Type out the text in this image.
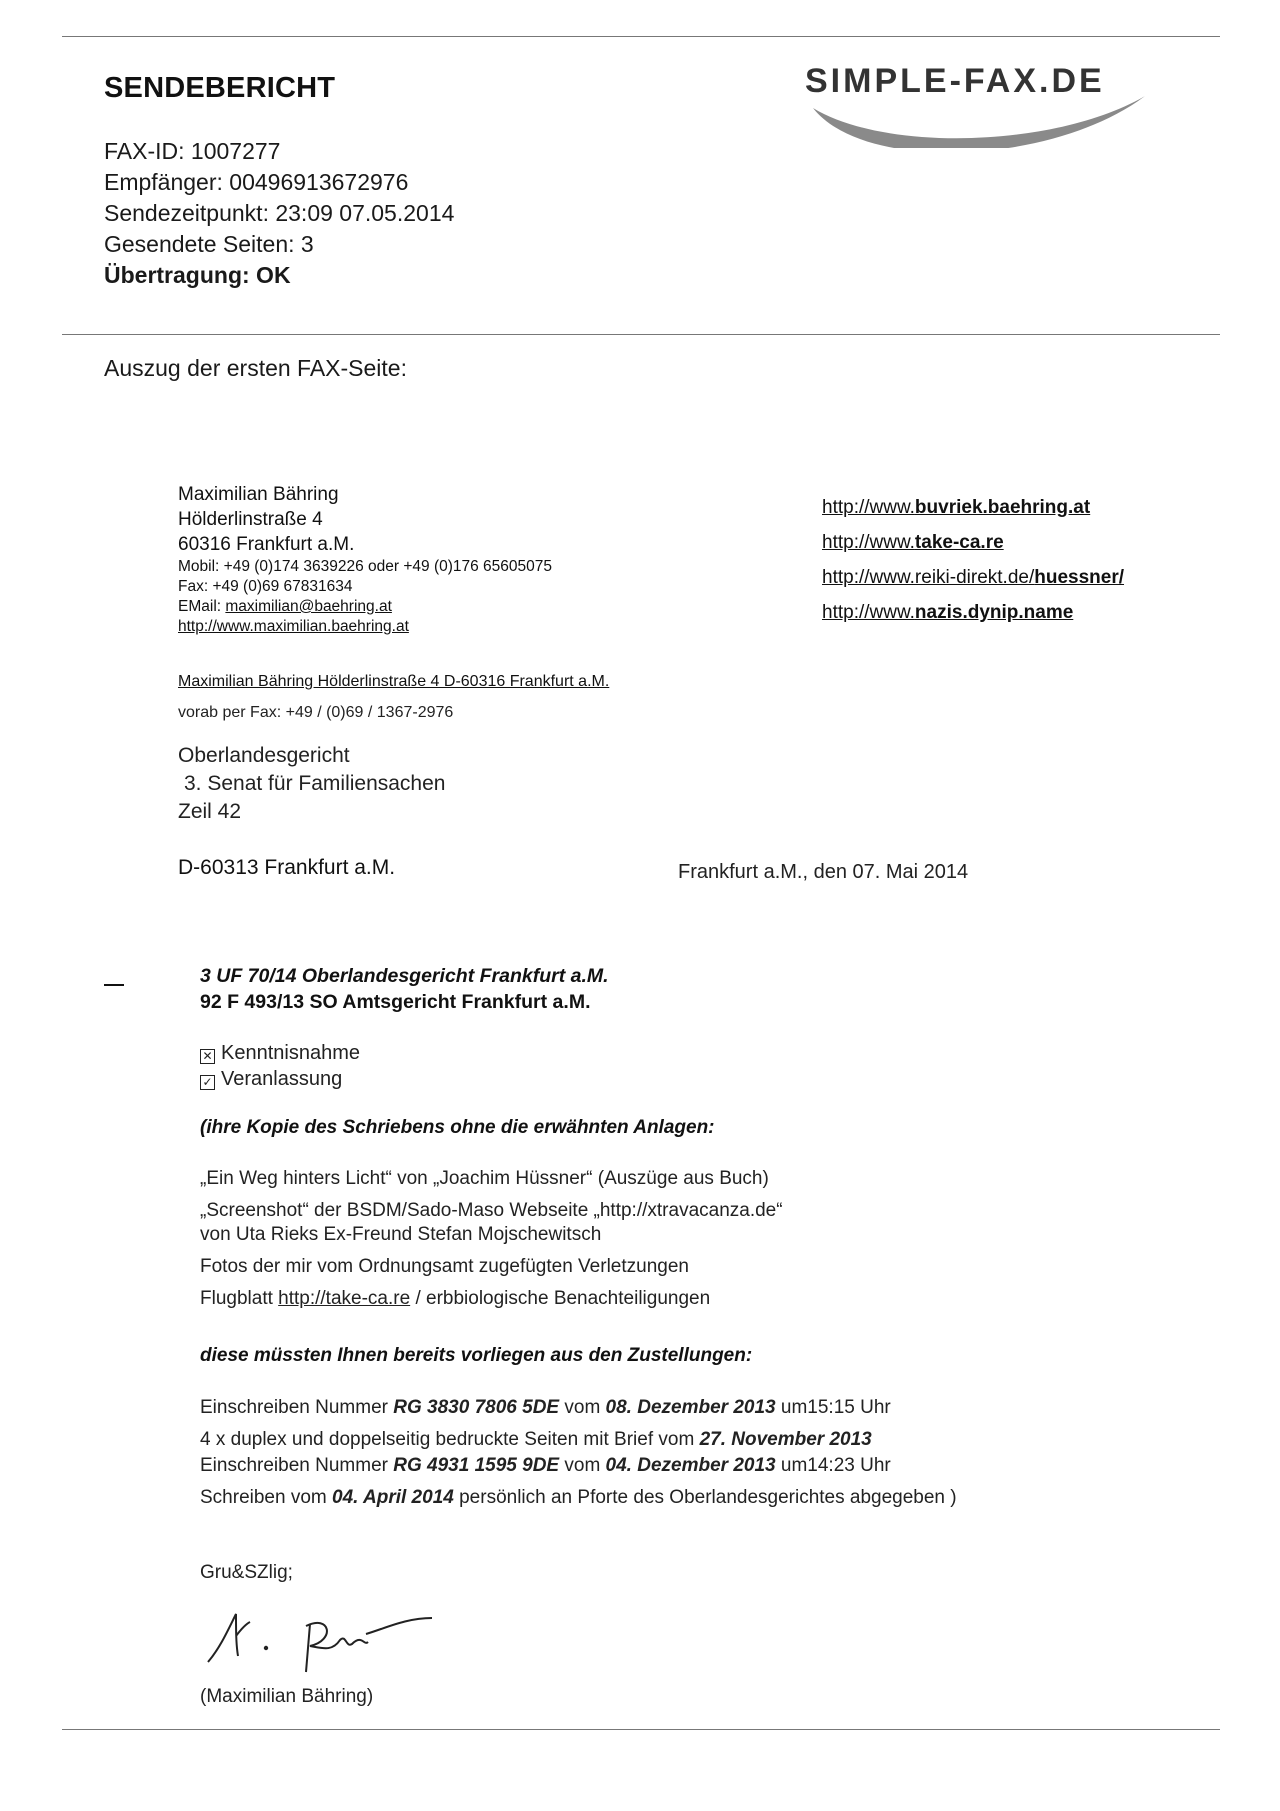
SENDEBERICHT	SIMPLE-FAX.DE
FAX-ID: 1007277
Empfänger: 00496913672976
Sendezeitpunkt: 23:09 07.05.2014
Gesendete Seiten: 3
Übertragung: OK
Auszug der ersten FAX-Seite:
Maximilian Bähring
Hölderlinstraße 4
60316 Frankfurt a.M.
Mobil: +49 (0)174 3639226 oder +49 (0)176 65605075
Fax: +49 (0)69 67831634
EMail: maximilian@baehring.at
http://www.maximilian.baehring.at
http://www.buvriek.baehring.at
http://www.take-ca.re
http://www.reiki-direkt.de/huessner/
http://www.nazis.dynip.name
Maximilian Bähring Hölderlinstraße 4 D-60316 Frankfurt a.M.
vorab per Fax: +49 / (0)69 / 1367-2976
Oberlandesgericht
3. Senat für Familiensachen
Zeil 42
D-60313 Frankfurt a.M.	Frankfurt a.M., den 07. Mai 2014
3 UF 70/14 Oberlandesgericht Frankfurt a.M.
92 F 493/13 SO Amtsgericht Frankfurt a.M.
✕ Kenntnisnahme
✓ Veranlassung
(ihre Kopie des Schriebens ohne die erwähnten Anlagen:
„Ein Weg hinters Licht“ von „Joachim Hüssner“ (Auszüge aus Buch)
„Screenshot“ der BSDM/Sado-Maso Webseite „http://xtravacanza.de“
von Uta Rieks Ex-Freund Stefan Mojschewitsch
Fotos der mir vom Ordnungsamt zugefügten Verletzungen
Flugblatt http://take-ca.re / erbbiologische Benachteiligungen
diese müssten Ihnen bereits vorliegen aus den Zustellungen:
Einschreiben Nummer RG 3830 7806 5DE vom 08. Dezember 2013 um15:15 Uhr
4 x duplex und doppelseitig bedruckte Seiten mit Brief vom 27. November 2013
Einschreiben Nummer RG 4931 1595 9DE vom 04. Dezember 2013 um14:23 Uhr
Schreiben vom 04. April 2014 persönlich an Pforte des Oberlandesgerichtes abgegeben )
Gru&SZlig;
(Maximilian Bähring)
